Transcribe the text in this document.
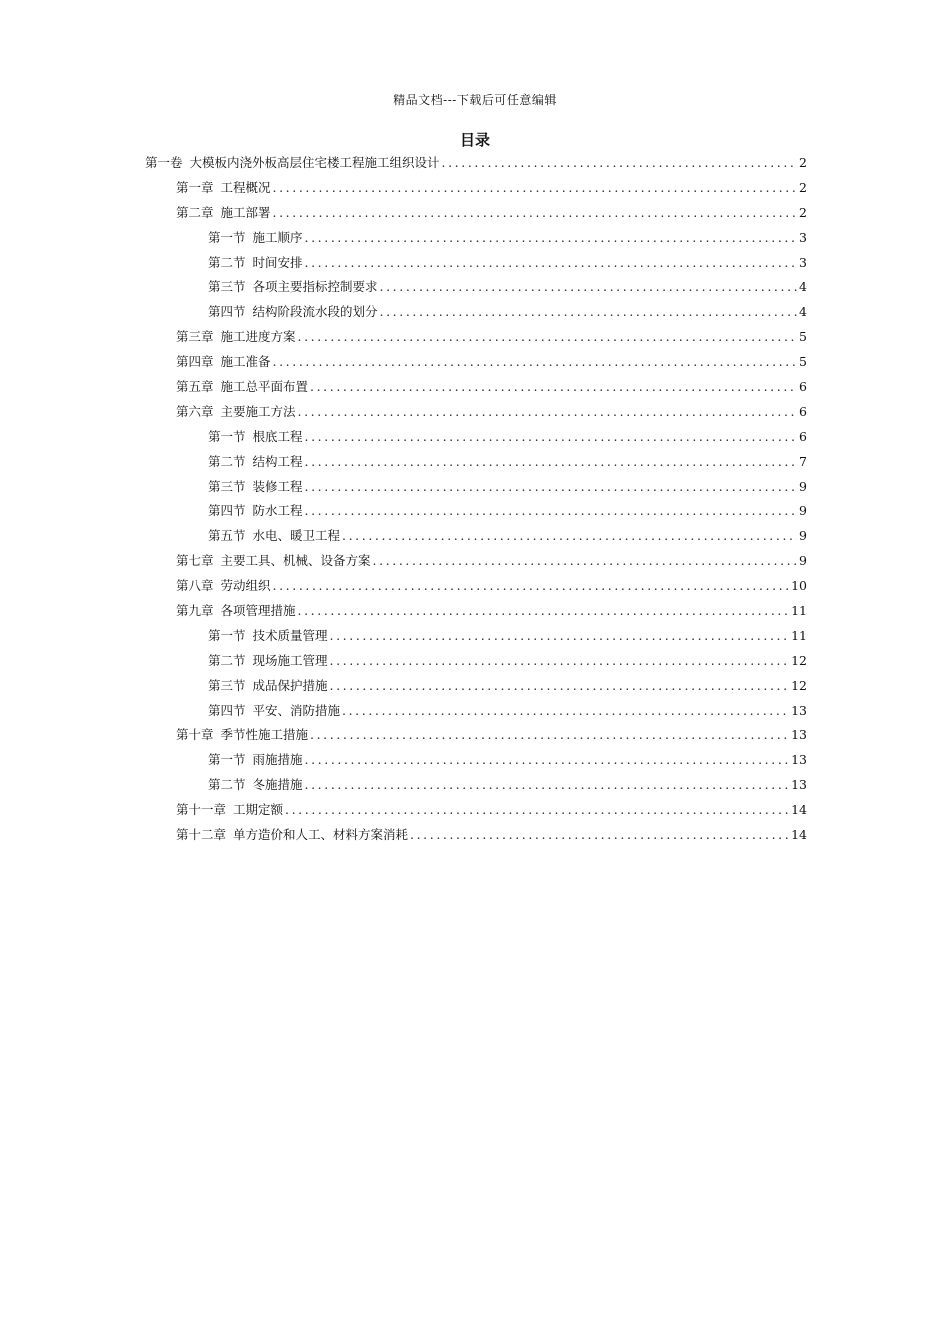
精品文档---下载后可任意编辑
目录
第一卷 大模板内浇外板高层住宅楼工程施工组织设计 .....	2
第一章 工程概况 .....	2
第二章 施工部署 .....	2
第一节 施工顺序 .....	3
第二节 时间安排 .....	3
第三节 各项主要指标控制要求 .....	4
第四节 结构阶段流水段的划分 .....	4
第三章 施工进度方案 .....	5
第四章 施工准备 .....	5
第五章 施工总平面布置 .....	6
第六章 主要施工方法 .....	6
第一节 根底工程 .....	6
第二节 结构工程 .....	7
第三节 装修工程 .....	9
第四节 防水工程 .....	9
第五节 水电、暖卫工程 .....	9
第七章 主要工具、机械、设备方案 .....	9
第八章 劳动组织 .....	10
第九章 各项管理措施 .....	11
第一节 技术质量管理 .....	11
第二节 现场施工管理 .....	12
第三节 成品保护措施 .....	12
第四节 平安、消防措施 .....	13
第十章 季节性施工措施 .....	13
第一节 雨施措施 .....	13
第二节 冬施措施 .....	13
第十一章 工期定额 .....	14
第十二章 单方造价和人工、材料方案消耗 .....	14
